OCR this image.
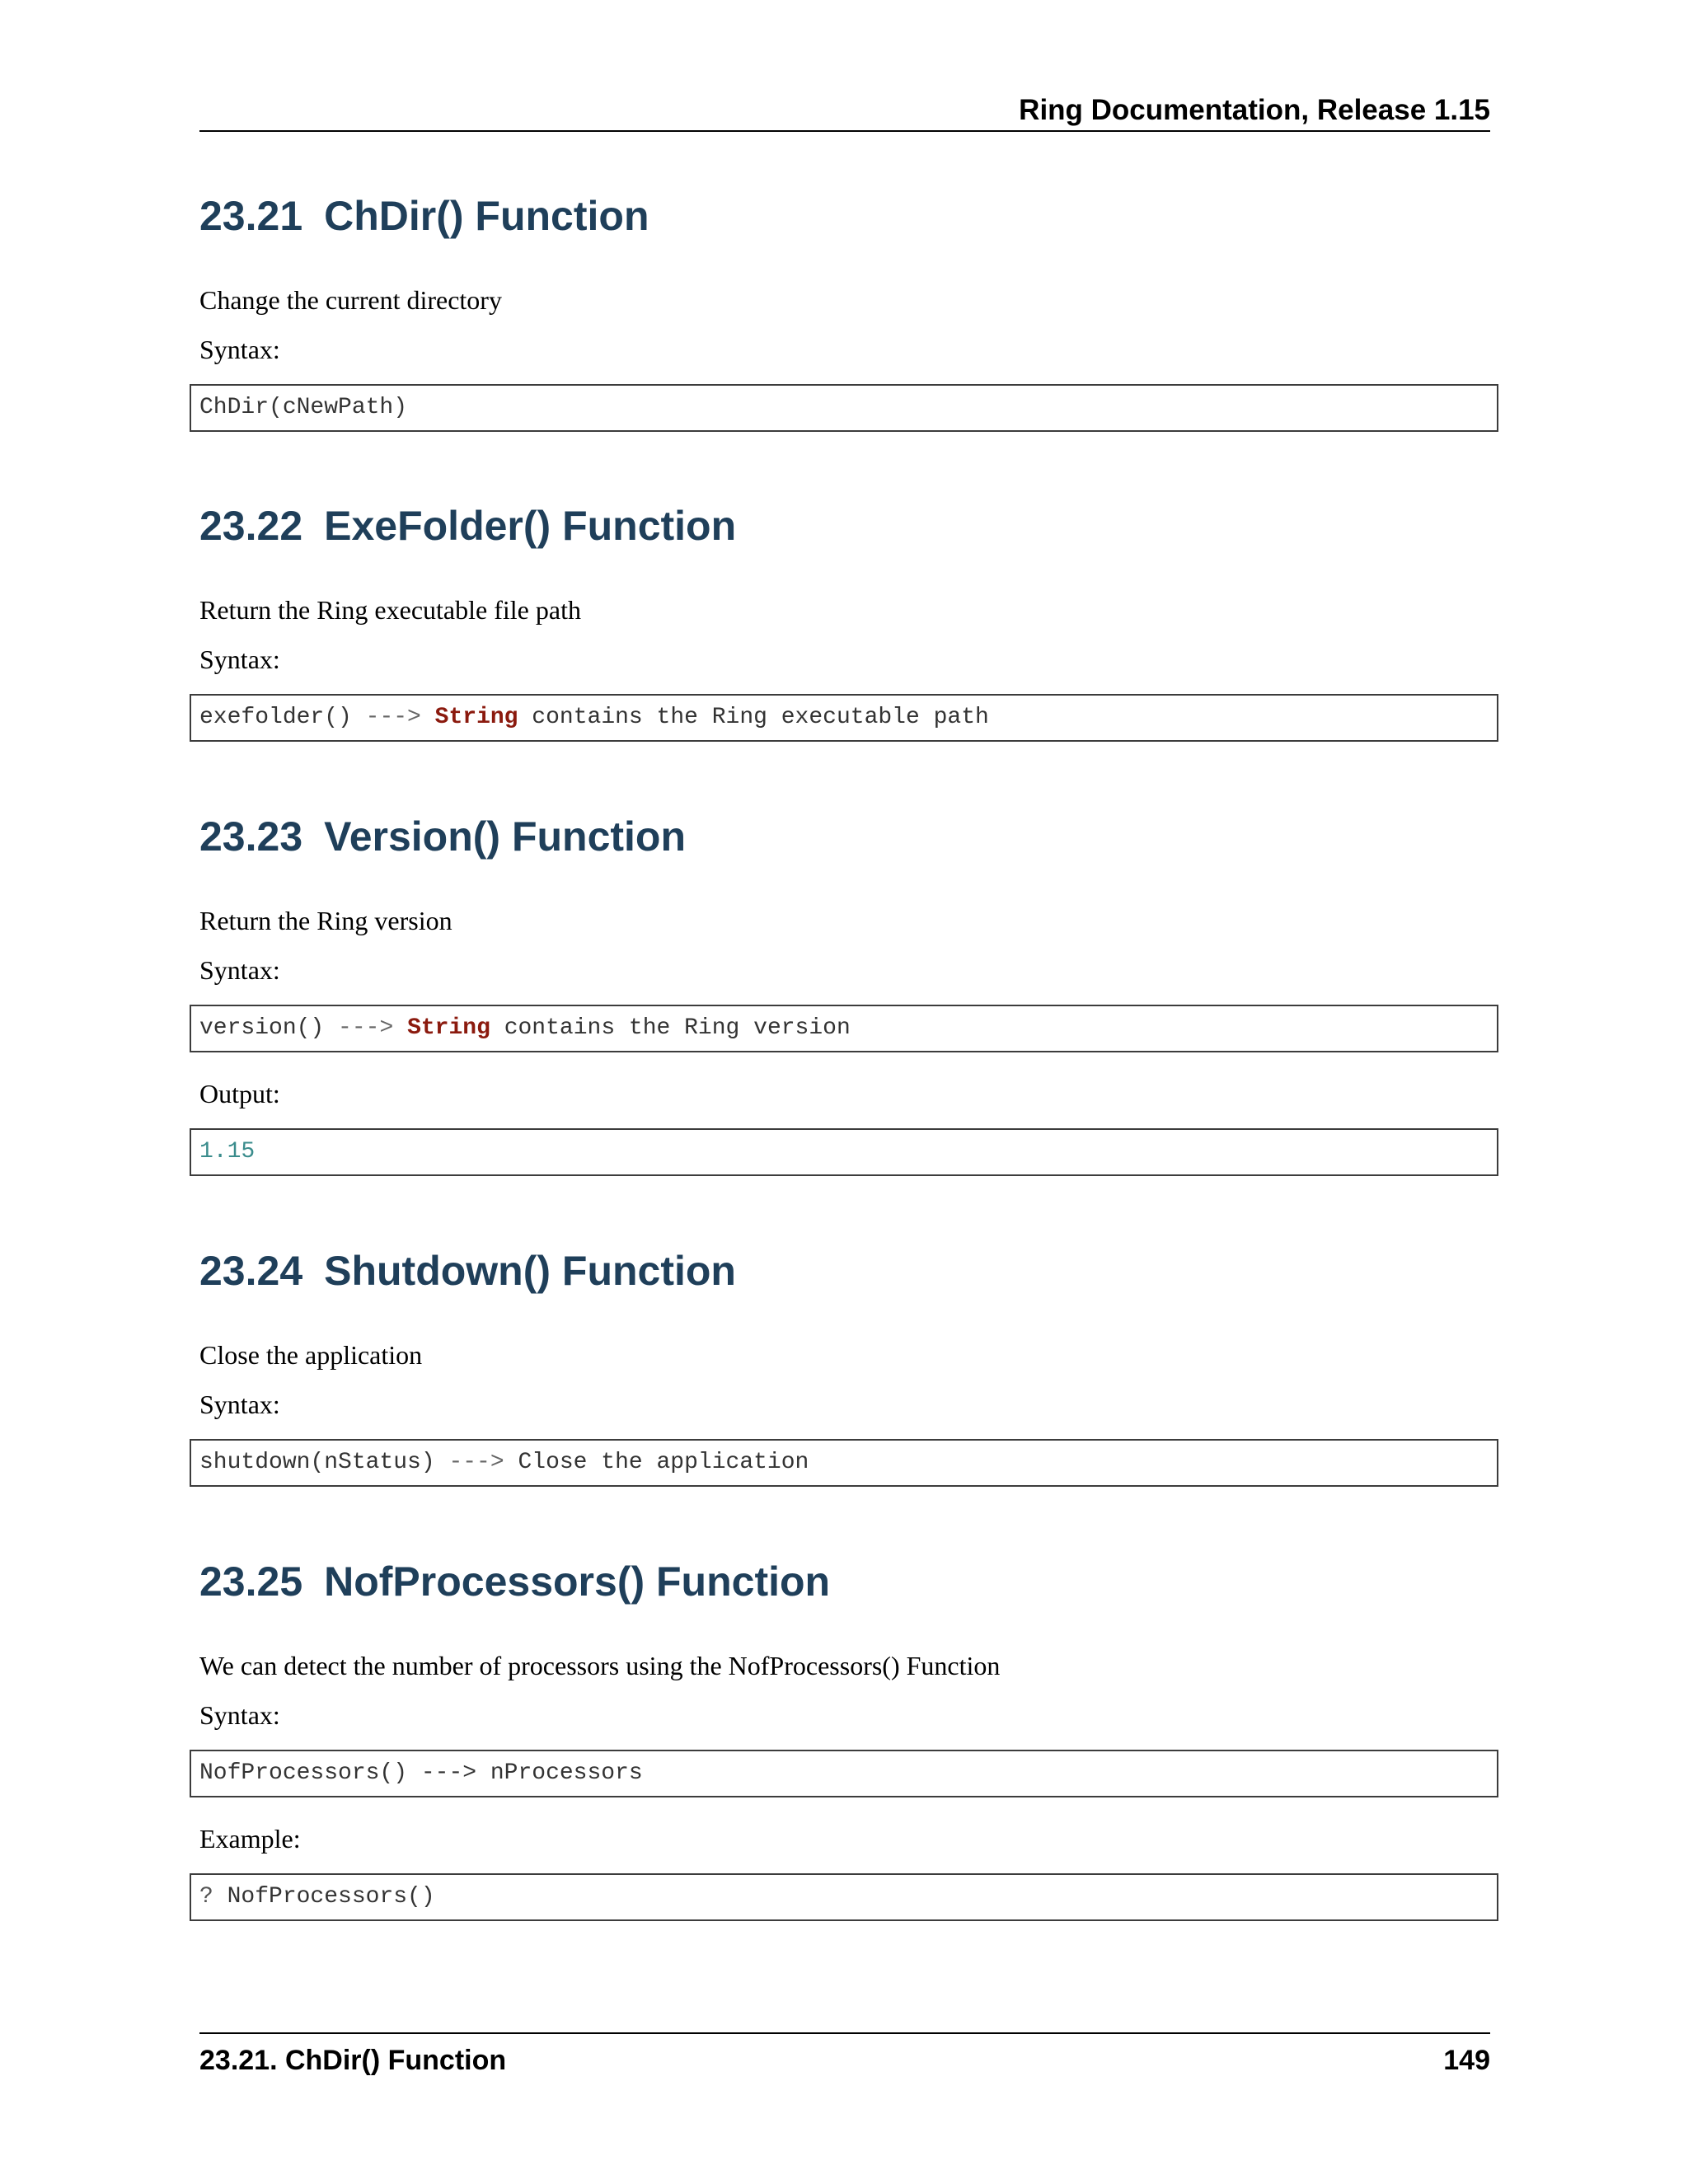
Ring Documentation, Release 1.15
23.21 ChDir() Function

Change the current directory

Syntax:

ChDir(cNewPath)
23.22 ExeFolder() Function

Return the Ring executable file path

Syntax:

exefolder() ---> String contains the Ring executable path
23.23 Version() Function

Return the Ring version

Syntax:

version() ---> String contains the Ring version

Output:

1.15
23.24 Shutdown() Function

Close the application

Syntax:

shutdown(nStatus) ---> Close the application
23.25 NofProcessors() Function

We can detect the number of processors using the NofProcessors() Function

Syntax:

NofProcessors() ---> nProcessors

Example:

? NofProcessors()
23.21. ChDir() Function	149
